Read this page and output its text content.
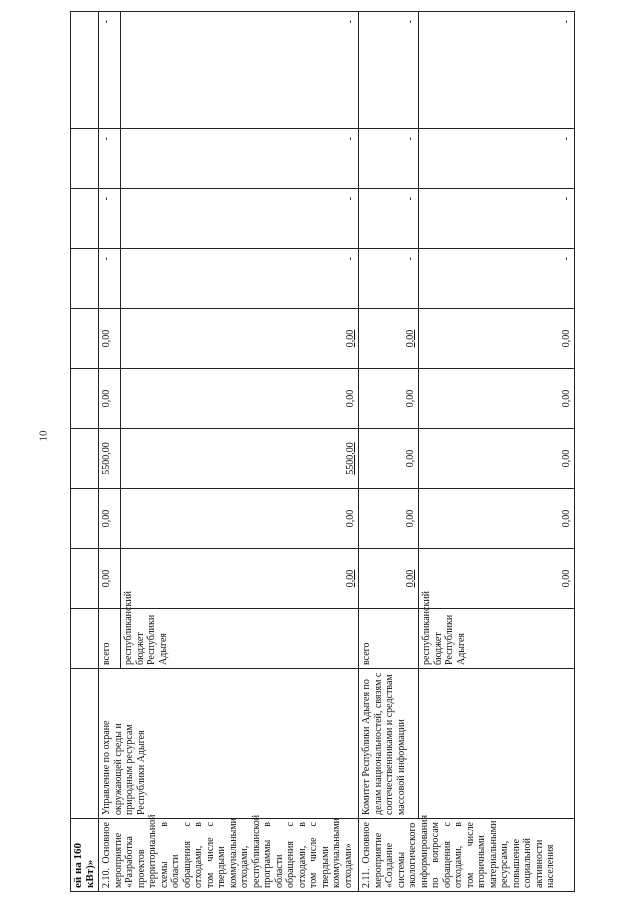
10
ей на 160 кВт)»											
2.10. Основное мероприятие «Разработка проектов территориальной схемы в области обращения с отходами, в том числе с твердыми коммунальными отходами, республиканской программы в области обращения с отходами, в том числе с твердыми коммунальными отходами»	Управление по охране окружающей среды и природным ресурсам Республики Адыгея	всего	0,00	0,00	5500,00	0,00	0,00	-	-	-	-
		республиканский бюджет Республики Адыгея	0,00	0,00	5500,00	0,00	0,00	-	-	-	-
2.11. Основное мероприятие «Создание системы экологического информирования по вопросам обращения с отходами, в том числе вторичными материальными ресурсами, повышение социальной активности населения	Комитет Республики Адыгея по делам национальностей, связям с соотечественниками и средствам массовой информации	всего	0,00	0,00	0,00	0,00	0,00	-	-	-	-
		республиканский бюджет Республики Адыгея	0,00	0,00	0,00	0,00	0,00	-	-	-	-
